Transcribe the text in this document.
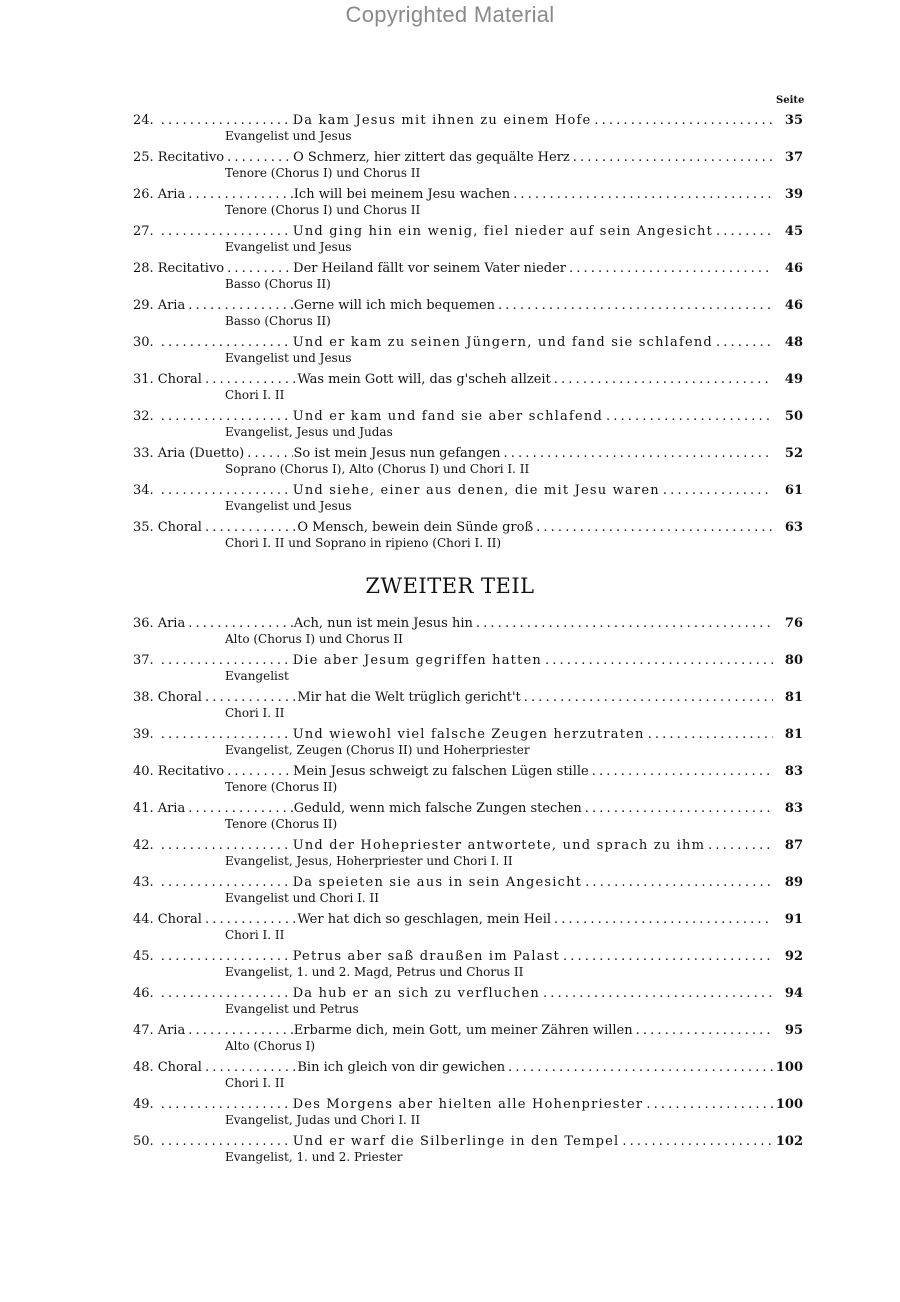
Copyrighted Material
Seite
24. . . .	Da kam Jesus mit ihnen zu einem Hofe . . .	35
Evangelist und Jesus
25. Recitativo . . .	O Schmerz, hier zittert das gequälte Herz . . .	37
Tenore (Chorus I) und Chorus II
26. Aria . . .	Ich will bei meinem Jesu wachen . . .	39
Tenore (Chorus I) und Chorus II
27. . . .	Und ging hin ein wenig, fiel nieder auf sein Angesicht . . .	45
Evangelist und Jesus
28. Recitativo . . .	Der Heiland fällt vor seinem Vater nieder . . .	46
Basso (Chorus II)
29. Aria . . .	Gerne will ich mich bequemen . . .	46
Basso (Chorus II)
30. . . .	Und er kam zu seinen Jüngern, und fand sie schlafend . . .	48
Evangelist und Jesus
31. Choral . . .	Was mein Gott will, das g'scheh allzeit . . .	49
Chori I. II
32. . . .	Und er kam und fand sie aber schlafend . . .	50
Evangelist, Jesus und Judas
33. Aria (Duetto) . . .	So ist mein Jesus nun gefangen . . .	52
Soprano (Chorus I), Alto (Chorus I) und Chori I. II
34. . . .	Und siehe, einer aus denen, die mit Jesu waren . . .	61
Evangelist und Jesus
35. Choral . . .	O Mensch, bewein dein Sünde groß . . .	63
Chori I. II und Soprano in ripieno (Chori I. II)
ZWEITER TEIL
36. Aria . . .	Ach, nun ist mein Jesus hin . . .	76
Alto (Chorus I) und Chorus II
37. . . .	Die aber Jesum gegriffen hatten . . .	80
Evangelist
38. Choral . . .	Mir hat die Welt trüglich gericht't . . .	81
Chori I. II
39. . . .	Und wiewohl viel falsche Zeugen herzutraten . . .	81
Evangelist, Zeugen (Chorus II) und Hoherpriester
40. Recitativo . . .	Mein Jesus schweigt zu falschen Lügen stille . . .	83
Tenore (Chorus II)
41. Aria . . .	Geduld, wenn mich falsche Zungen stechen . . .	83
Tenore (Chorus II)
42. . . .	Und der Hohepriester antwortete, und sprach zu ihm . . .	87
Evangelist, Jesus, Hoherpriester und Chori I. II
43. . . .	Da speieten sie aus in sein Angesicht . . .	89
Evangelist und Chori I. II
44. Choral . . .	Wer hat dich so geschlagen, mein Heil . . .	91
Chori I. II
45. . . .	Petrus aber saß draußen im Palast . . .	92
Evangelist, 1. und 2. Magd, Petrus und Chorus II
46. . . .	Da hub er an sich zu verfluchen . . .	94
Evangelist und Petrus
47. Aria . . .	Erbarme dich, mein Gott, um meiner Zähren willen . . .	95
Alto (Chorus I)
48. Choral . . .	Bin ich gleich von dir gewichen . . .	100
Chori I. II
49. . . .	Des Morgens aber hielten alle Hohenpriester . . .	100
Evangelist, Judas und Chori I. II
50. . . .	Und er warf die Silberlinge in den Tempel . . .	102
Evangelist, 1. und 2. Priester
